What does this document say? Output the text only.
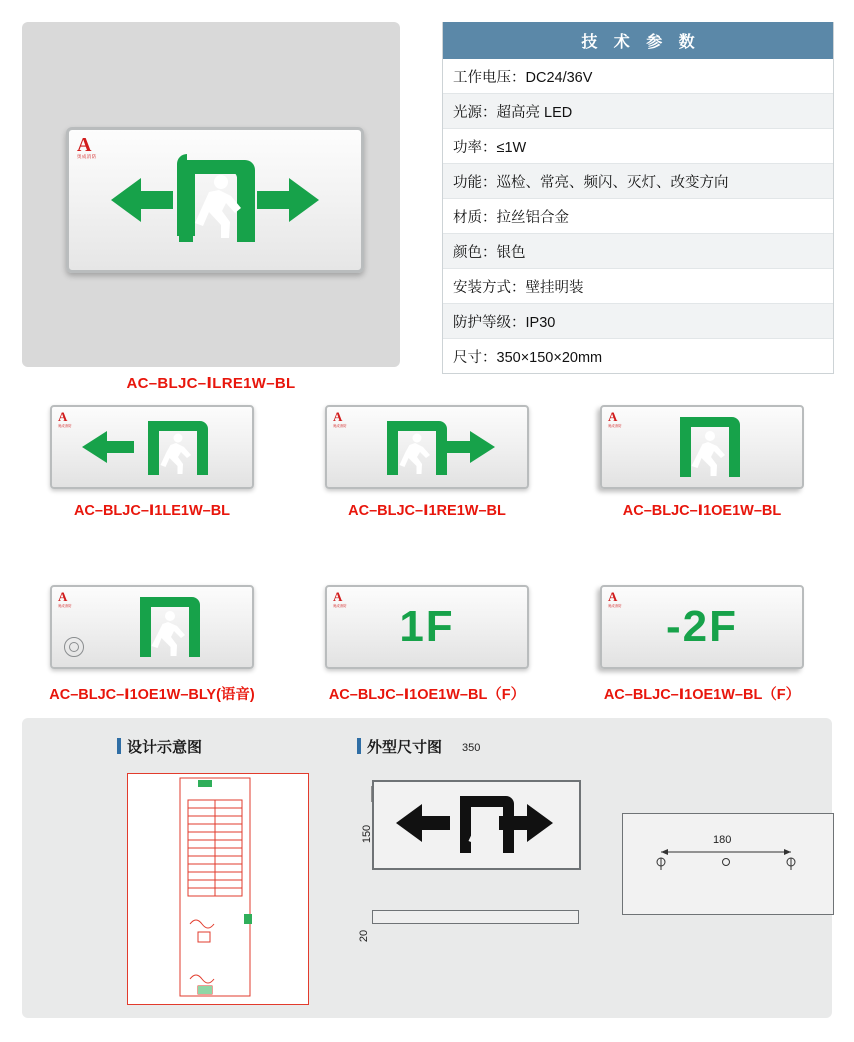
A
奥成消防
AC–BLJC–ⅠLRE1W–BL
技 术 参 数
工作电压：DC24/36V
光源：超高亮 LED
功率：≤1W
功能：巡检、常亮、频闪、灭灯、改变方向
材质：拉丝铝合金
颜色：银色
安装方式：壁挂明装
防护等级：IP30
尺寸：350×150×20mm
A
奥成消防
AC–BLJC–Ⅰ1LE1W–BL
A
奥成消防
AC–BLJC–Ⅰ1RE1W–BL
A
奥成消防
AC–BLJC–Ⅰ1OE1W–BL
A
奥成消防
AC–BLJC–Ⅰ1OE1W–BLY(语音)
A
奥成消防	1F
AC–BLJC–Ⅰ1OE1W–BL（F）
A
奥成消防	-2F
AC–BLJC–Ⅰ1OE1W–BL（F）
设计示意图	外型尺寸图 350
150
20
180
